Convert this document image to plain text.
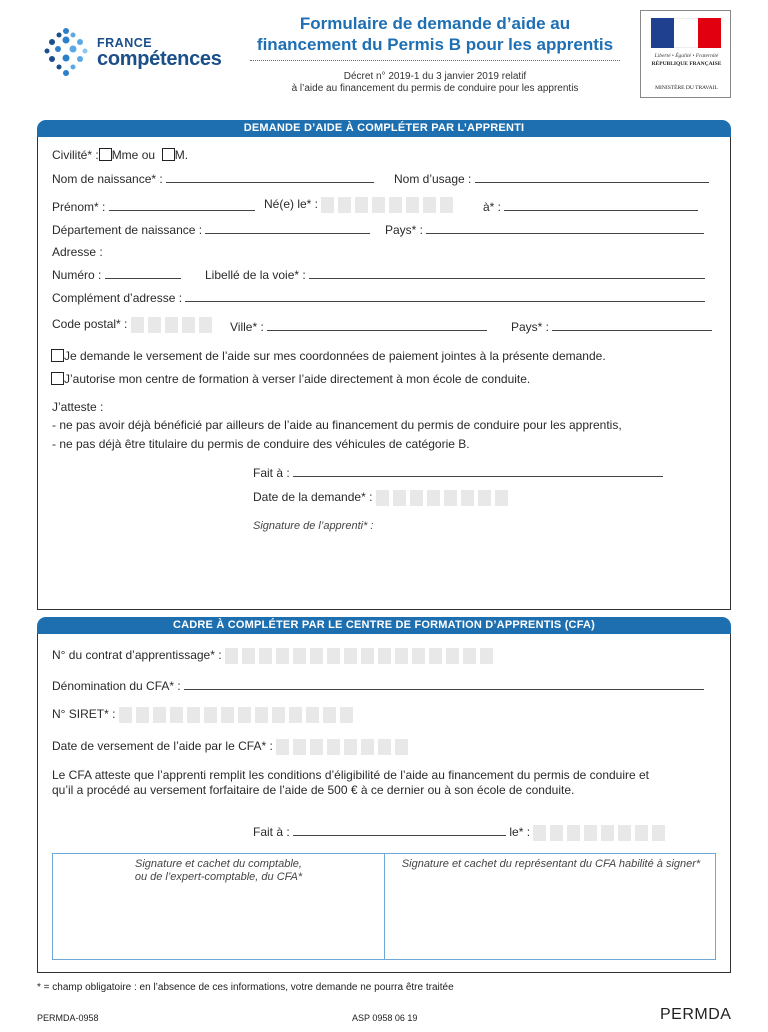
FRANCE
compétences
Formulaire de demande d’aide au
financement du Permis B pour les apprentis
Décret n° 2019-1 du 3 janvier 2019 relatif
à l’aide au financement du permis de conduire pour les apprentis
Liberté • Égalité • Fraternité
RÉPUBLIQUE FRANÇAISE
MINISTÈRE DU TRAVAIL
DEMANDE D’AIDE À COMPLÉTER PAR L’APPRENTI
Civilité* : Mme ou M.
Nom de naissance* :	Nom d’usage :
Prénom* :	Né(e) le* :	à* :
Département de naissance :	Pays* :
Adresse :
Numéro :	Libellé de la voie* :
Complément d’adresse :
Code postal* :	Ville* :	Pays* :
Je demande le versement de l’aide sur mes coordonnées de paiement jointes à la présente demande.
J’autorise mon centre de formation à verser l’aide directement à mon école de conduite.
J’atteste :
- ne pas avoir déjà bénéficié par ailleurs de l’aide au financement du permis de conduire pour les apprentis,
- ne pas déjà être titulaire du permis de conduire des véhicules de catégorie B.
Fait à :
Date de la demande* :
Signature de l’apprenti* :
CADRE À COMPLÉTER PAR LE CENTRE DE FORMATION D’APPRENTIS (CFA)
N° du contrat d’apprentissage* :
Dénomination du CFA* :
N° SIRET* :
Date de versement de l’aide par le CFA* :
Le CFA atteste que l’apprenti remplit les conditions d’éligibilité de l’aide au financement du permis de conduire et
qu’il a procédé au versement forfaitaire de l’aide de 500 € à ce dernier ou à son école de conduite.
Fait à :	le* :
Signature et cachet du comptable,
ou de l’expert-comptable, du CFA*
Signature et cachet du représentant du CFA habilité à signer*
* = champ obligatoire : en l’absence de ces informations, votre demande ne pourra être traitée
PERMDA-0958	ASP 0958 06 19	PERMDA
